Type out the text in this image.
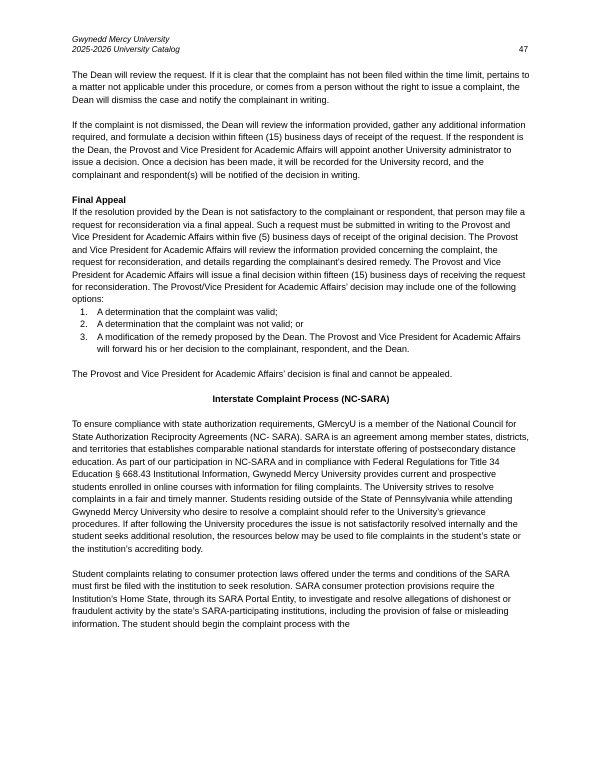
Gwynedd Mercy University
2025-2026 University Catalog	47

The Dean will review the request. If it is clear that the complaint has not been filed within the time limit, pertains to a matter not applicable under this procedure, or comes from a person without the right to issue a complaint, the Dean will dismiss the case and notify the complainant in writing.

If the complaint is not dismissed, the Dean will review the information provided, gather any additional information required, and formulate a decision within fifteen (15) business days of receipt of the request. If the respondent is the Dean, the Provost and Vice President for Academic Affairs will appoint another University administrator to issue a decision. Once a decision has been made, it will be recorded for the University record, and the complainant and respondent(s) will be notified of the decision in writing.

Final Appeal

If the resolution provided by the Dean is not satisfactory to the complainant or respondent, that person may file a request for reconsideration via a final appeal. Such a request must be submitted in writing to the Provost and Vice President for Academic Affairs within five (5) business days of receipt of the original decision. The Provost and Vice President for Academic Affairs will review the information provided concerning the complaint, the request for reconsideration, and details regarding the complainant’s desired remedy. The Provost and Vice President for Academic Affairs will issue a final decision within fifteen (15) business days of receiving the request for reconsideration. The Provost/Vice President for Academic Affairs’ decision may include one of the following options:

1. A determination that the complaint was valid;
2. A determination that the complaint was not valid; or
3. A modification of the remedy proposed by the Dean. The Provost and Vice President for Academic Affairs will forward his or her decision to the complainant, respondent, and the Dean.

The Provost and Vice President for Academic Affairs’ decision is final and cannot be appealed.

Interstate Complaint Process (NC-SARA)

To ensure compliance with state authorization requirements, GMercyU is a member of the National Council for State Authorization Reciprocity Agreements (NC- SARA). SARA is an agreement among member states, districts, and territories that establishes comparable national standards for interstate offering of postsecondary distance education. As part of our participation in NC-SARA and in compliance with Federal Regulations for Title 34 Education § 668.43 Institutional Information, Gwynedd Mercy University provides current and prospective students enrolled in online courses with information for filing complaints. The University strives to resolve complaints in a fair and timely manner. Students residing outside of the State of Pennsylvania while attending Gwynedd Mercy University who desire to resolve a complaint should refer to the University’s grievance procedures. If after following the University procedures the issue is not satisfactorily resolved internally and the student seeks additional resolution, the resources below may be used to file complaints in the student’s state or the institution’s accrediting body.

Student complaints relating to consumer protection laws offered under the terms and conditions of the SARA must first be filed with the institution to seek resolution. SARA consumer protection provisions require the Institution’s Home State, through its SARA Portal Entity, to investigate and resolve allegations of dishonest or fraudulent activity by the state’s SARA-participating institutions, including the provision of false or misleading information. The student should begin the complaint process with the
